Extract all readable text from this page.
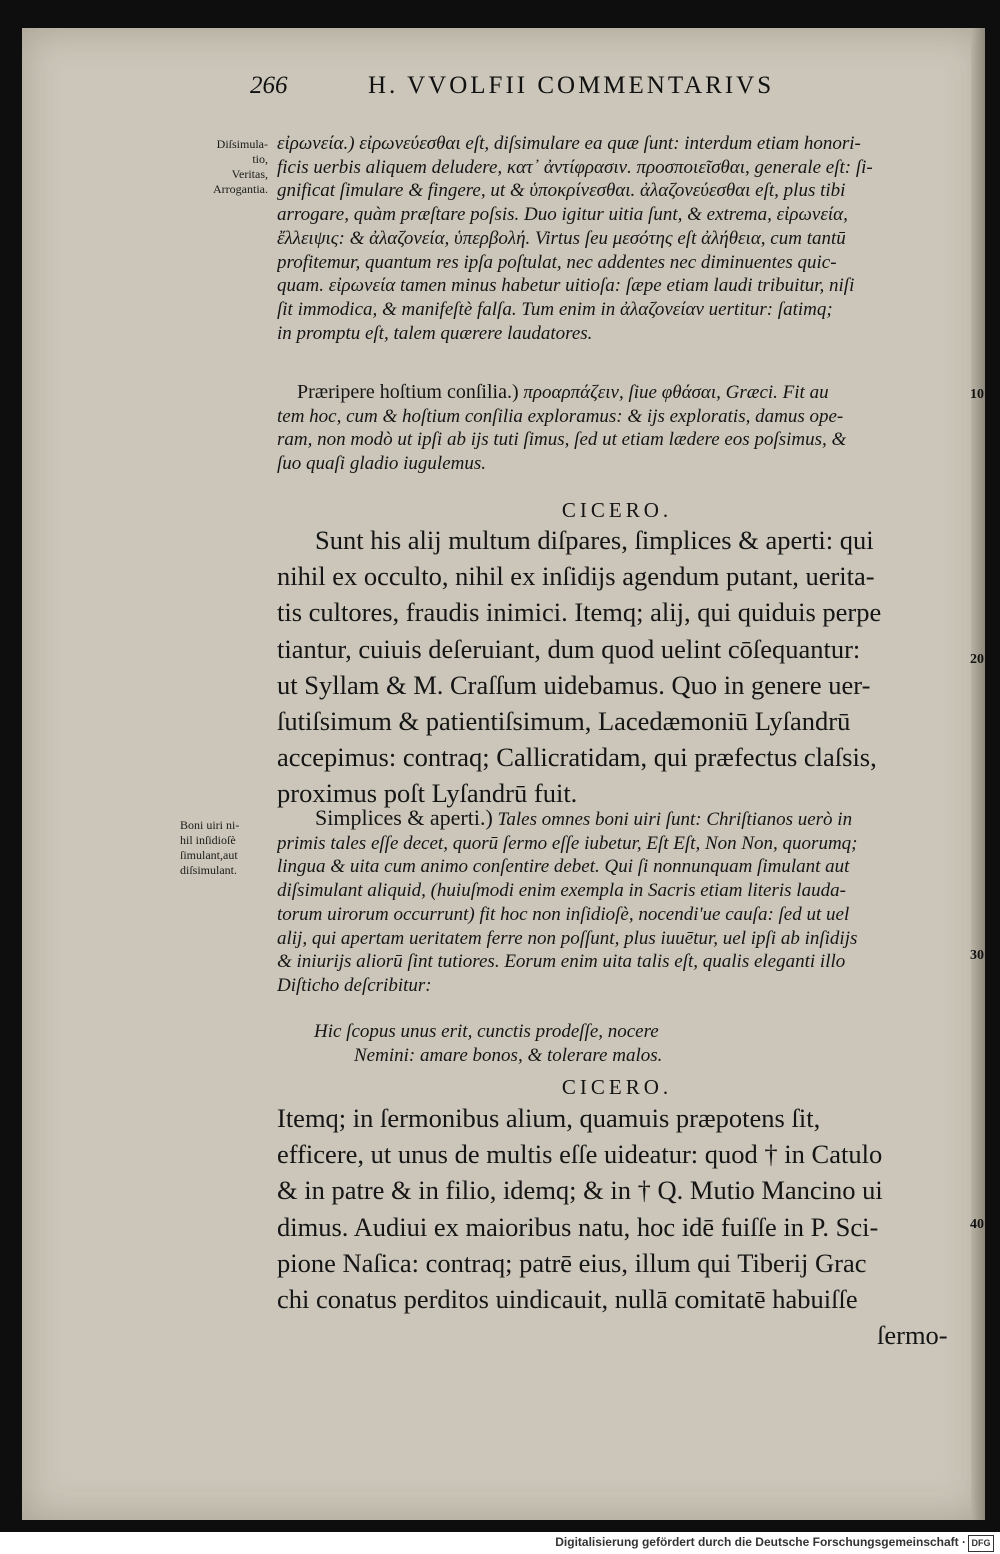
266	H. VVOLFII COMMENTARIVS
Diſsimula-
tio,
Veritas,
Arrogantia.
Boni uiri ni-
hil inſidioſè
ſimulant,aut
diſsimulant.
10
20
30
40
εἰρωνεία.) εἰρωνεύεσθαι eſt, diſsimulare ea quæ ſunt: interdum etiam honori-
ficis uerbis aliquem deludere, κατ᾽ ἀντίφρασιν. προσποιεῖσθαι, generale eſt: ſi-
gnificat ſimulare & fingere, ut & ὑποκρίνεσθαι. ἀλαζονεύεσθαι eſt, plus tibi
arrogare, quàm præſtare poſsis. Duo igitur uitia ſunt, & extrema, εἰρωνεία,
ἔλλειψις: & ἀλαζονεία, ὑπερβολή. Virtus ſeu μεσότης eſt ἀλήθεια, cum tantū
profitemur, quantum res ipſa poſtulat, nec addentes nec diminuentes quic-
quam. εἰρωνεία tamen minus habetur uitioſa: ſæpe etiam laudi tribuitur, niſi
ſit immodica, & manifeſtè falſa. Tum enim in ἀλαζονείαν uertitur: ſatimq;
in promptu eſt, talem quærere laudatores.
Præripere hoſtium conſilia.) προαρπάζειν, ſiue φθάσαι, Græci. Fit au
tem hoc, cum & hoſtium conſilia exploramus: & ijs exploratis, damus ope-
ram, non modò ut ipſi ab ijs tuti ſimus, ſed ut etiam lædere eos poſsimus, &
ſuo quaſi gladio iugulemus.
CICERO.
Sunt his alij multum diſpares, ſimplices & aperti: qui
nihil ex occulto, nihil ex inſidijs agendum putant, uerita-
tis cultores, fraudis inimici. Itemq; alij, qui quiduis perpe
tiantur, cuiuis deſeruiant, dum quod uelint cōſequantur:
ut Syllam & M. Craſſum uidebamus. Quo in genere uer-
ſutiſsimum & patientiſsimum, Lacedæmoniū Lyſandrū
accepimus: contraq; Callicratidam, qui præfectus claſsis,
proximus poſt Lyſandrū fuit.
Simplices & aperti.) Tales omnes boni uiri ſunt: Chriſtianos uerò in
primis tales eſſe decet, quorū ſermo eſſe iubetur, Eſt Eſt, Non Non, quorumq;
lingua & uita cum animo conſentire debet. Qui ſi nonnunquam ſimulant aut
diſsimulant aliquid, (huiuſmodi enim exempla in Sacris etiam literis lauda-
torum uirorum occurrunt) fit hoc non inſidioſè, nocendi'ue cauſa: ſed ut uel
alij, qui apertam ueritatem ferre non poſſunt, plus iuuētur, uel ipſi ab inſidijs
& iniurijs aliorū ſint tutiores. Eorum enim uita talis eſt, qualis eleganti illo
Diſticho deſcribitur:
Hic ſcopus unus erit, cunctis prodeſſe, nocere
Nemini: amare bonos, & tolerare malos.
CICERO.
Itemq; in ſermonibus alium, quamuis præpotens ſit,
efficere, ut unus de multis eſſe uideatur: quod † in Catulo
& in patre & in filio, idemq; & in † Q. Mutio Mancino ui
dimus. Audiui ex maioribus natu, hoc idē fuiſſe in P. Sci-
pione Naſica: contraq; patrē eius, illum qui Tiberij Grac
chi conatus perditos uindicauit, nullā comitatē habuiſſe
ſermo-
Digitalisierung gefördert durch die Deutsche Forschungsgemeinschaft · DFG
